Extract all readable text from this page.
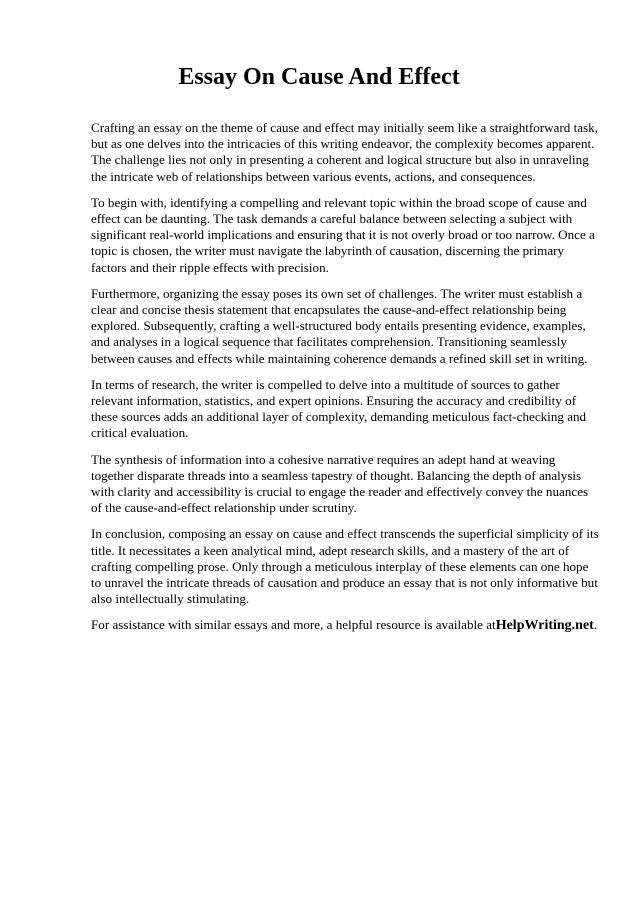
Essay On Cause And Effect

Crafting an essay on the theme of cause and effect may initially seem like a straightforward task, but as one delves into the intricacies of this writing endeavor, the complexity becomes apparent. The challenge lies not only in presenting a coherent and logical structure but also in unraveling the intricate web of relationships between various events, actions, and consequences.

To begin with, identifying a compelling and relevant topic within the broad scope of cause and effect can be daunting. The task demands a careful balance between selecting a subject with significant real-world implications and ensuring that it is not overly broad or too narrow. Once a topic is chosen, the writer must navigate the labyrinth of causation, discerning the primary factors and their ripple effects with precision.

Furthermore, organizing the essay poses its own set of challenges. The writer must establish a clear and concise thesis statement that encapsulates the cause-and-effect relationship being explored. Subsequently, crafting a well-structured body entails presenting evidence, examples, and analyses in a logical sequence that facilitates comprehension. Transitioning seamlessly between causes and effects while maintaining coherence demands a refined skill set in writing.

In terms of research, the writer is compelled to delve into a multitude of sources to gather relevant information, statistics, and expert opinions. Ensuring the accuracy and credibility of these sources adds an additional layer of complexity, demanding meticulous fact-checking and critical evaluation.

The synthesis of information into a cohesive narrative requires an adept hand at weaving together disparate threads into a seamless tapestry of thought. Balancing the depth of analysis with clarity and accessibility is crucial to engage the reader and effectively convey the nuances of the cause-and-effect relationship under scrutiny.

In conclusion, composing an essay on cause and effect transcends the superficial simplicity of its title. It necessitates a keen analytical mind, adept research skills, and a mastery of the art of crafting compelling prose. Only through a meticulous interplay of these elements can one hope to unravel the intricate threads of causation and produce an essay that is not only informative but also intellectually stimulating.

For assistance with similar essays and more, a helpful resource is available atHelpWriting.net.
